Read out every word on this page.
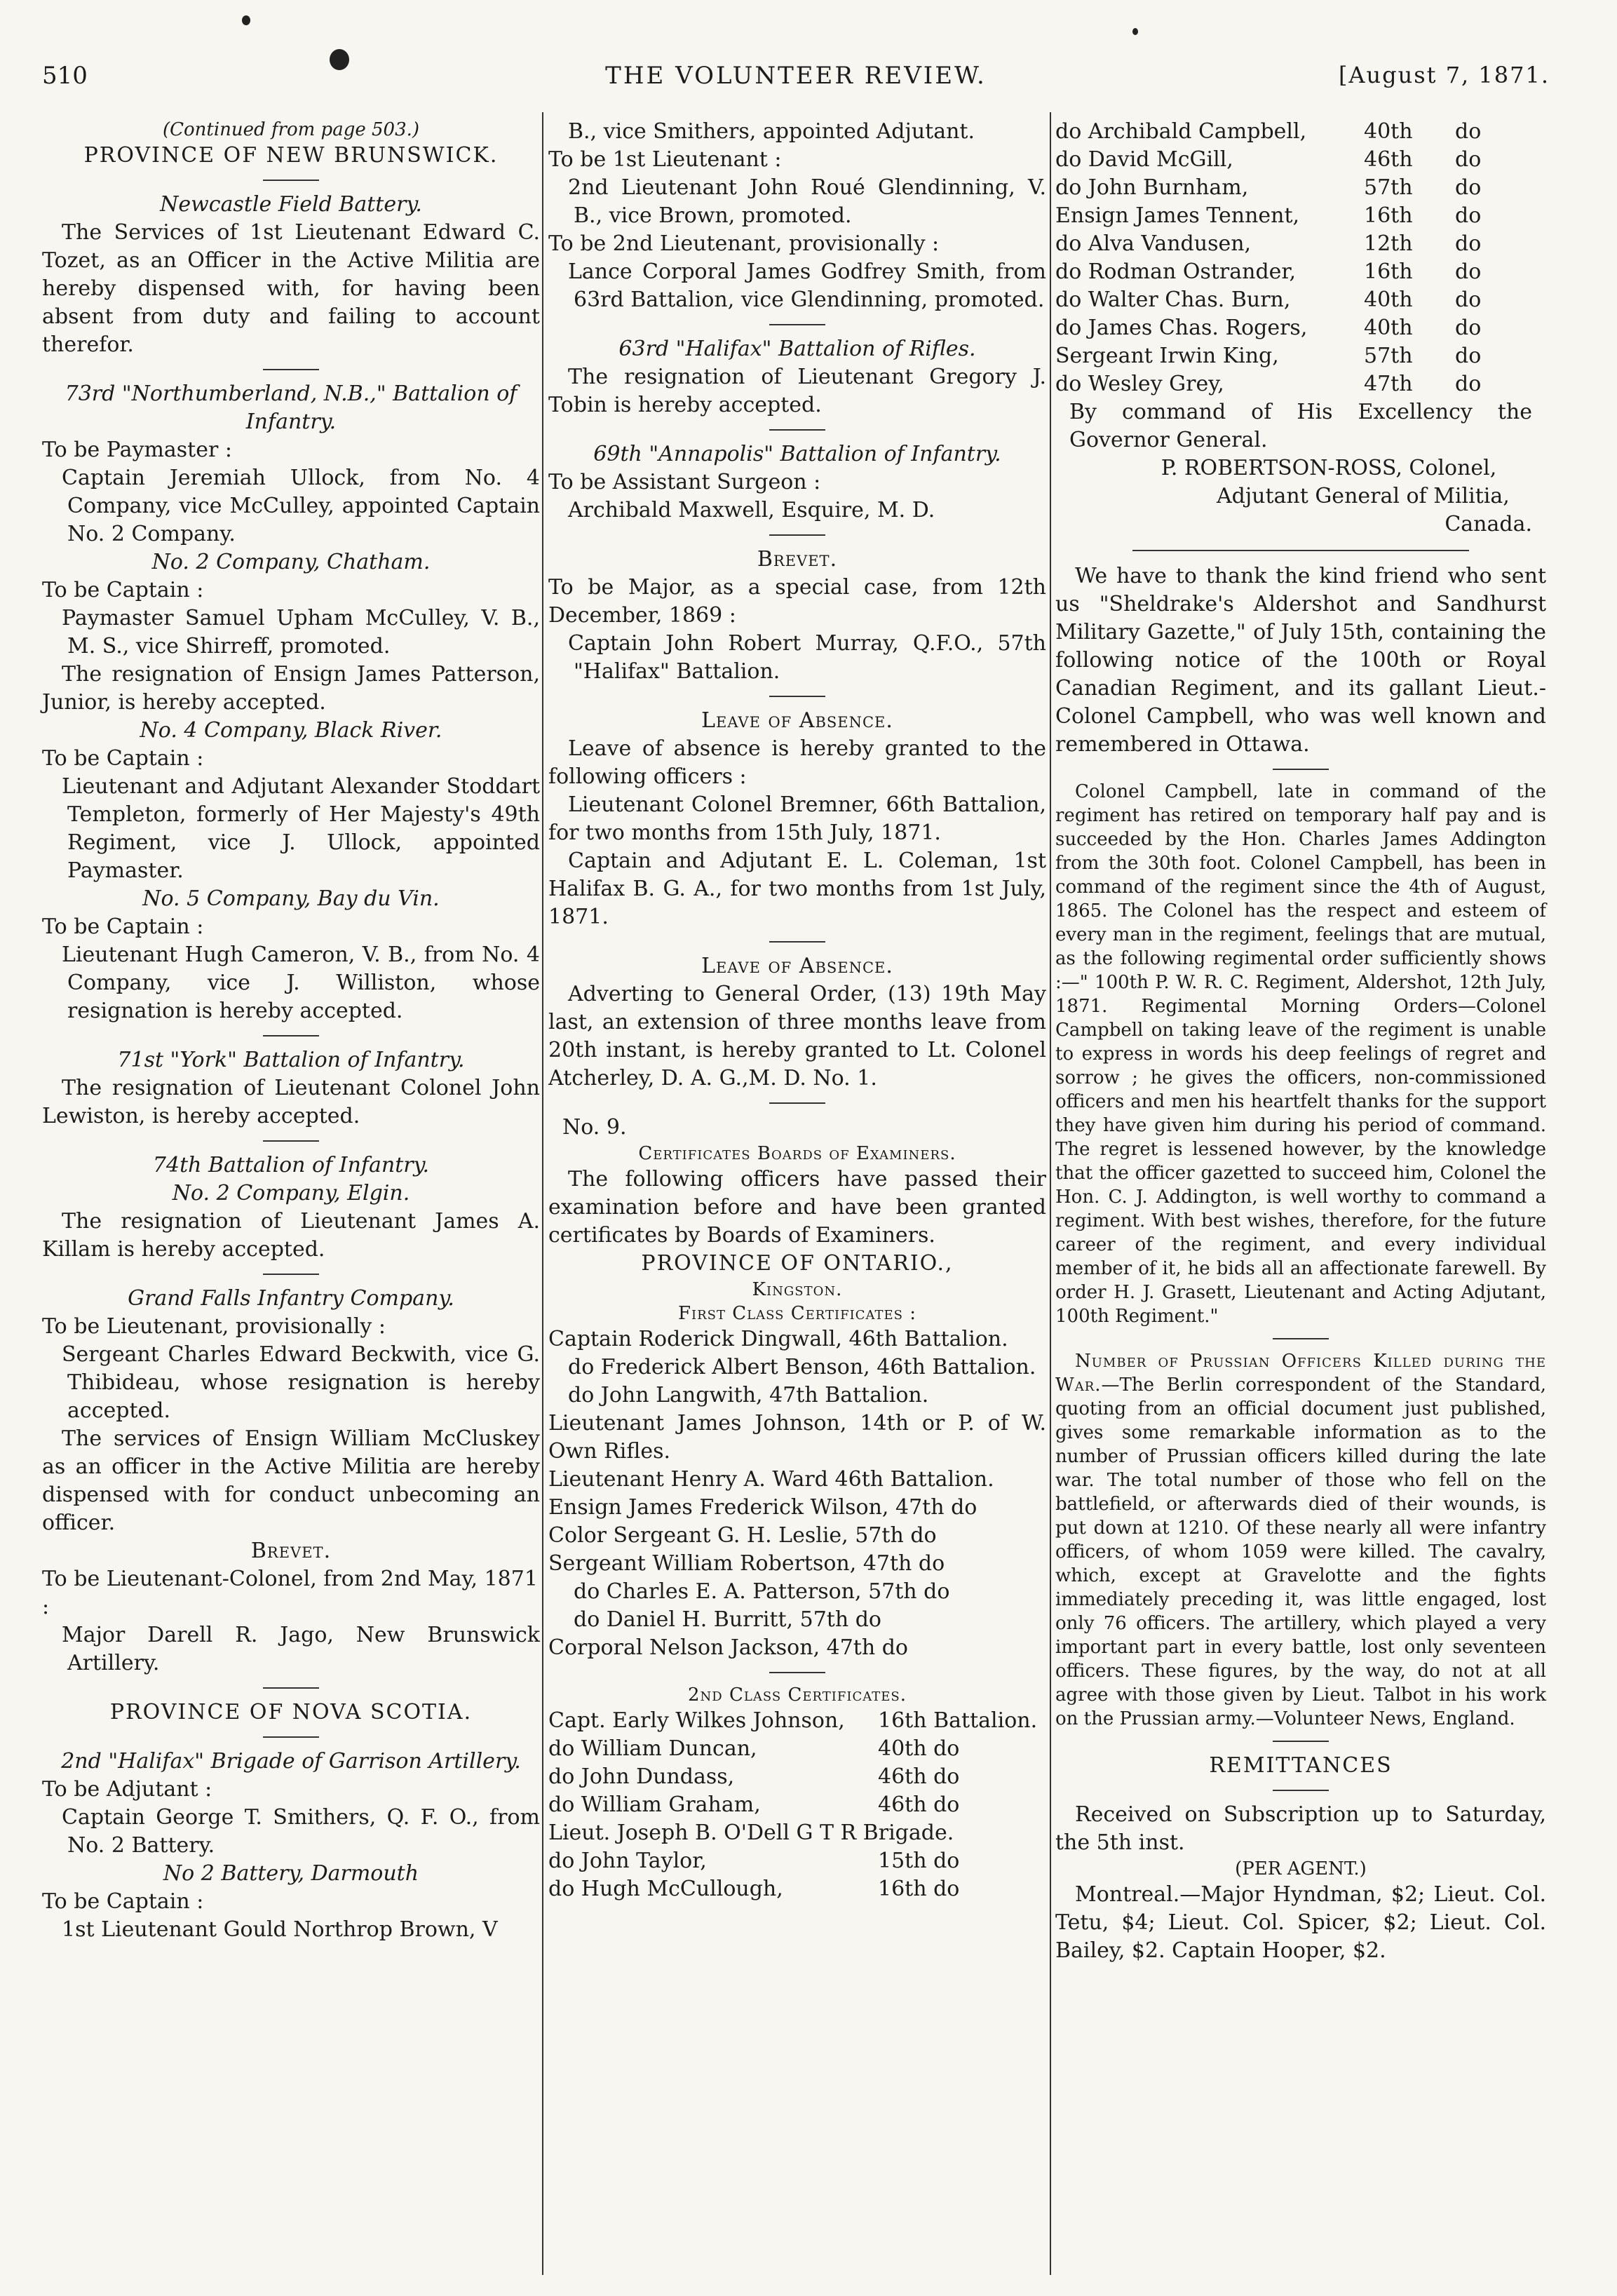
510	THE VOLUNTEER REVIEW.	[August 7, 1871.
(Continued from page 503.)
PROVINCE OF NEW BRUNSWICK.
Newcastle Field Battery.

The Services of 1st Lieutenant Edward C. Tozet, as an Officer in the Active Militia are hereby dispensed with, for having been absent from duty and failing to account therefor.

73rd "Northumberland, N.B.," Battalion of Infantry.
To be Paymaster :

Captain Jeremiah Ullock, from No. 4 Company, vice McCulley, appointed Captain No. 2 Company.

No. 2 Company, Chatham.
To be Captain :

Paymaster Samuel Upham McCulley, V. B., M. S., vice Shirreff, promoted.

The resignation of Ensign James Patterson, Junior, is hereby accepted.

No. 4 Company, Black River.
To be Captain :

Lieutenant and Adjutant Alexander Stoddart Templeton, formerly of Her Majesty's 49th Regiment, vice J. Ullock, appointed Paymaster.

No. 5 Company, Bay du Vin.
To be Captain :

Lieutenant Hugh Cameron, V. B., from No. 4 Company, vice J. Williston, whose resignation is hereby accepted.

71st "York" Battalion of Infantry.

The resignation of Lieutenant Colonel John Lewiston, is hereby accepted.

74th Battalion of Infantry.
No. 2 Company, Elgin.

The resignation of Lieutenant James A. Killam is hereby accepted.

Grand Falls Infantry Company.
To be Lieutenant, provisionally :

Sergeant Charles Edward Beckwith, vice G. Thibideau, whose resignation is hereby accepted.

The services of Ensign William McCluskey as an officer in the Active Militia are hereby dispensed with for conduct unbecoming an officer.

Brevet.
To be Lieutenant-Colonel, from 2nd May, 1871 :

Major Darell R. Jago, New Brunswick Artillery.

PROVINCE OF NOVA SCOTIA.
2nd "Halifax" Brigade of Garrison Artillery.
To be Adjutant :

Captain George T. Smithers, Q. F. O., from No. 2 Battery.

No 2 Battery, Darmouth
To be Captain :

1st Lieutenant Gould Northrop Brown, V

B., vice Smithers, appointed Adjutant.

To be 1st Lieutenant :

2nd Lieutenant John Roué Glendinning, V. B., vice Brown, promoted.

To be 2nd Lieutenant, provisionally :

Lance Corporal James Godfrey Smith, from 63rd Battalion, vice Glendinning, promoted.

63rd "Halifax" Battalion of Rifles.

The resignation of Lieutenant Gregory J. Tobin is hereby accepted.

69th "Annapolis" Battalion of Infantry.
To be Assistant Surgeon :

Archibald Maxwell, Esquire, M. D.

Brevet.

To be Major, as a special case, from 12th December, 1869 :

Captain John Robert Murray, Q.F.O., 57th "Halifax" Battalion.

Leave of Absence.

Leave of absence is hereby granted to the following officers :

Lieutenant Colonel Bremner, 66th Battalion, for two months from 15th July, 1871.

Captain and Adjutant E. L. Coleman, 1st Halifax B. G. A., for two months from 1st July, 1871.

Leave of Absence.

Adverting to General Order, (13) 19th May last, an extension of three months leave from 20th instant, is hereby granted to Lt. Colonel Atcherley, D. A. G.,M. D. No. 1.

No. 9.
Certificates Boards of Examiners.

The following officers have passed their examination before and have been granted certificates by Boards of Examiners.

PROVINCE OF ONTARIO.,
Kingston.
First Class Certificates :
Captain Roderick Dingwall, 46th Battalion.
do Frederick Albert Benson, 46th Battalion.
do John Langwith, 47th Battalion.
Lieutenant James Johnson, 14th or P. of W. Own Rifles.
Lieutenant Henry A. Ward 46th Battalion.
Ensign James Frederick Wilson, 47th do
Color Sergeant G. H. Leslie, 57th do
Sergeant William Robertson, 47th do
do Charles E. A. Patterson, 57th do
do Daniel H. Burritt, 57th do
Corporal Nelson Jackson, 47th do
2nd Class Certificates.
Capt. Early Wilkes Johnson,	16th Battalion.
do William Duncan,	40th do
do John Dundass,	46th do
do William Graham,	46th do
Lieut. Joseph B. O'Dell G T R Brigade.
do John Taylor,	15th do
do Hugh McCullough,	16th do
do Archibald Campbell,	40th	do
do David McGill,	46th	do
do John Burnham,	57th	do
Ensign James Tennent,	16th	do
do Alva Vandusen,	12th	do
do Rodman Ostrander,	16th	do
do Walter Chas. Burn,	40th	do
do James Chas. Rogers,	40th	do
Sergeant Irwin King,	57th	do
do Wesley Grey,	47th	do

By command of His Excellency the Governor General.

P. ROBERTSON-ROSS, Colonel,
Adjutant General of Militia,
Canada.

We have to thank the kind friend who sent us "Sheldrake's Aldershot and Sandhurst Military Gazette," of July 15th, containing the following notice of the 100th or Royal Canadian Regiment, and its gallant Lieut.-Colonel Campbell, who was well known and remembered in Ottawa.

Colonel Campbell, late in command of the regiment has retired on temporary half pay and is succeeded by the Hon. Charles James Addington from the 30th foot. Colonel Campbell, has been in command of the regiment since the 4th of August, 1865. The Colonel has the respect and esteem of every man in the regiment, feelings that are mutual, as the following regimental order sufficiently shows :—" 100th P. W. R. C. Regiment, Aldershot, 12th July, 1871. Regimental Morning Orders—Colonel Campbell on taking leave of the regiment is unable to express in words his deep feelings of regret and sorrow ; he gives the officers, non-commissioned officers and men his heartfelt thanks for the support they have given him during his period of command. The regret is lessened however, by the knowledge that the officer gazetted to succeed him, Colonel the Hon. C. J. Addington, is well worthy to command a regiment. With best wishes, therefore, for the future career of the regiment, and every individual member of it, he bids all an affectionate farewell. By order H. J. Grasett, Lieutenant and Acting Adjutant, 100th Regiment."

Number of Prussian Officers Killed during the War.—The Berlin correspondent of the Standard, quoting from an official document just published, gives some remarkable information as to the number of Prussian officers killed during the late war. The total number of those who fell on the battlefield, or afterwards died of their wounds, is put down at 1210. Of these nearly all were infantry officers, of whom 1059 were killed. The cavalry, which, except at Gravelotte and the fights immediately preceding it, was little engaged, lost only 76 officers. The artillery, which played a very important part in every battle, lost only seventeen officers. These figures, by the way, do not at all agree with those given by Lieut. Talbot in his work on the Prussian army.—Volunteer News, England.

REMITTANCES

Received on Subscription up to Saturday, the 5th inst.

(PER AGENT.)

Montreal.—Major Hyndman, $2; Lieut. Col. Tetu, $4; Lieut. Col. Spicer, $2; Lieut. Col. Bailey, $2. Captain Hooper, $2.
